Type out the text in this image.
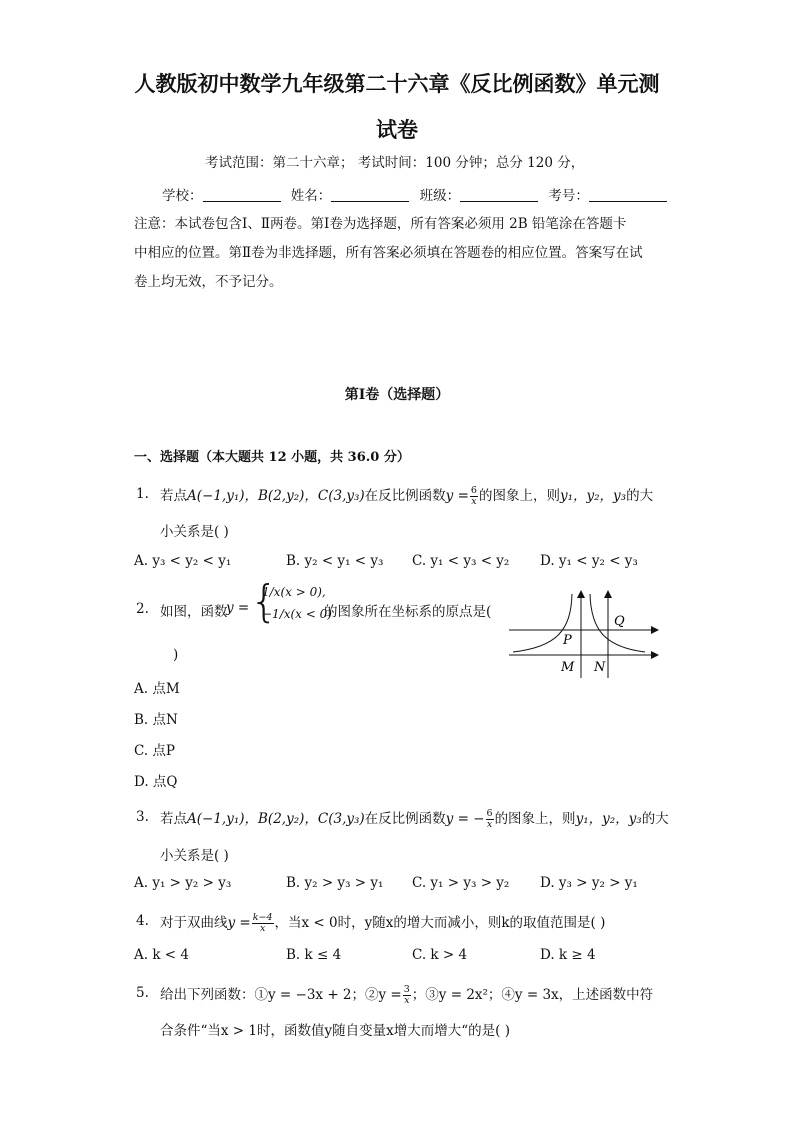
人教版初中数学九年级第二十六章《反比例函数》单元测
试卷
考试范围：第二十六章； 考试时间：100 分钟；总分 120 分，
学校：	姓名：	班级：	考号：
注意：本试卷包含Ⅰ、Ⅱ两卷。第Ⅰ卷为选择题，所有答案必须用 2B 铅笔涂在答题卡
中相应的位置。第Ⅱ卷为非选择题，所有答案必须填在答题卷的相应位置。答案写在试
卷上均无效，不予记分。
第Ⅰ卷（选择题）
一、选择题（本大题共 12 小题，共 36.0 分）
1. 若点A(−1,y₁)，B(2,y₂)，C(3,y₃)在反比例函数$y = \frac{6}{x}$ 的图象上，则y₁，y₂，y₃的大
小关系是( )
A. y₃ < y₂ < y₁	B. y₂ < y₁ < y₃ C. y₁ < y₃ < y₂ D. y₁ < y₂ < y₃
2. 如图，函数
y = {
1/x(x > 0),
−1/x(x < 0)
的图象所在坐标系的原点是(
)
A. 点M
B. 点N
C. 点P
D. 点Q
P
Q
M N
3. 若点A(−1,y₁)，B(2,y₂)，C(3,y₃)在反比例函数y = − $\frac{6}{x}$ 的图象上，则y₁，y₂，y₃的大
小关系是( )
A. y₁ > y₂ > y₃	B. y₂ > y₃ > y₁ C. y₁ > y₃ > y₂ D. y₃ > y₂ > y₁
4. 对于双曲线$y = \frac{k-4}{x}$ ，当x < 0时，y随x的增大而减小，则k的取值范围是( )
A. k < 4	B. k ≤ 4	C. k > 4	D. k ≥ 4
5. 给出下列函数：①y = −3x + 2；②y = $\frac{3}{x}$ ；③y = 2x²；④y = 3x，上述函数中符
合条件“当x > 1时，函数值y随自变量x增大而增大“的是( )
